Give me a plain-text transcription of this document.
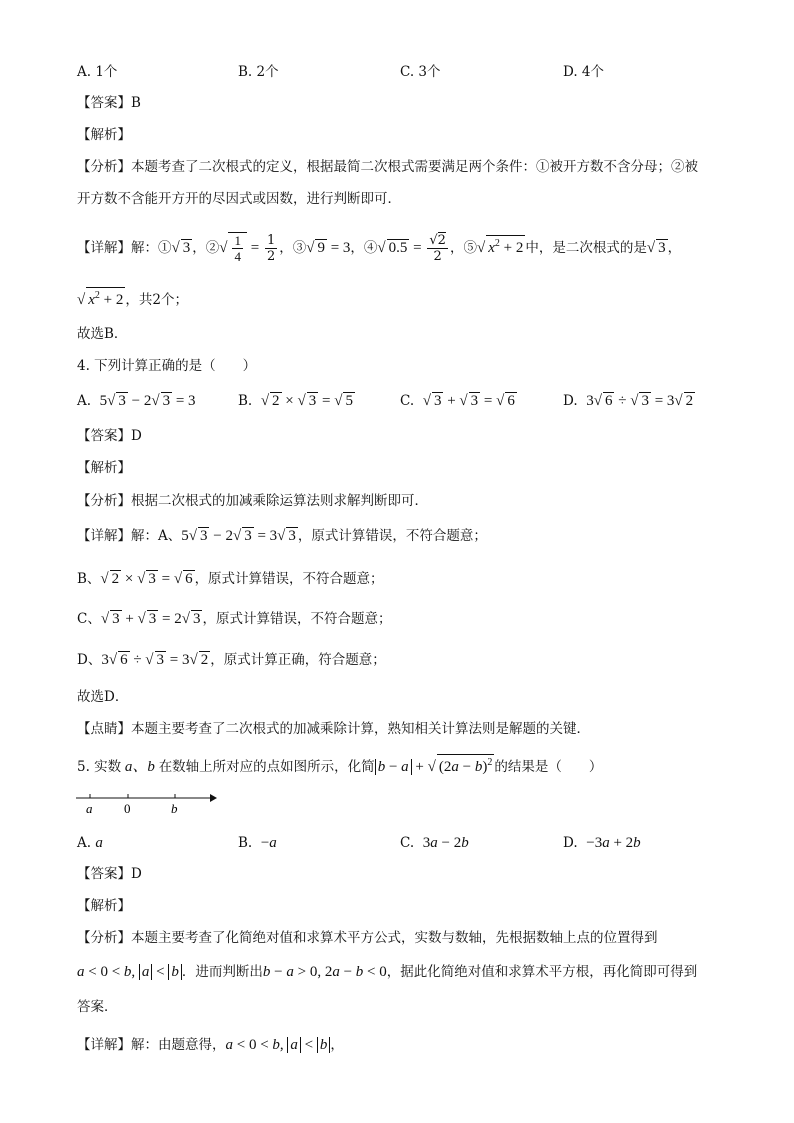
A. 1个	B. 2个	C. 3个	D. 4个
【答案】B
【解析】
【分析】本题考查了二次根式的定义，根据最简二次根式需要满足两个条件：①被开方数不含分母；②被
开方数不含能开方开的尽因式或因数，进行判断即可．
【详解】解：①√ 3 ，②√ $\frac{1}{4} = \frac{1}{2}$ ，③√ 9 = 3，④√ $0.5 = \frac{√2}{2}$ ，⑤√ $x^2 + 2$ 中，是二次根式的是√ 3 ，
√ $x^2 + 2$ ，共2个；
故选B．
4. 下列计算正确的是（　　）
A. 5√ 3 − 2√ 3 = 3	B. √ 2 × √ 3 = √ 5	C. √ 3 + √ 3 = √ 6	D. 3√ 6 ÷ √ 3 = 3√ 2
【答案】D
【解析】
【分析】根据二次根式的加减乘除运算法则求解判断即可．
【详解】解：A、5√ 3 − 2√ 3 = 3√ 3 ，原式计算错误，不符合题意；
B、√ 2 × √ 3 = √ 6 ，原式计算错误，不符合题意；
C、√ 3 + √ 3 = 2√ 3 ，原式计算错误，不符合题意；
D、3√ 6 ÷ √ 3 = 3√ 2 ，原式计算正确，符合题意；
故选D．
【点睛】本题主要考查了二次根式的加减乘除计算，熟知相关计算法则是解题的关键．
5. 实数 a、b 在数轴上所对应的点如图所示，化简 b − a + √ $(2a - b)^2$ 的结果是（　　）
a 0	b
A. a	B. −a	C. 3a − 2b	D. −3a + 2b
【答案】D
【解析】
【分析】本题主要考查了化简绝对值和求算术平方公式，实数与数轴，先根据数轴上点的位置得到
a < 0 < b, a < b ．进而判断出b − a > 0, 2a − b < 0，据此化简绝对值和求算术平方根，再化简即可得到
答案．
【详解】解：由题意得，a < 0 < b, a < b ，
